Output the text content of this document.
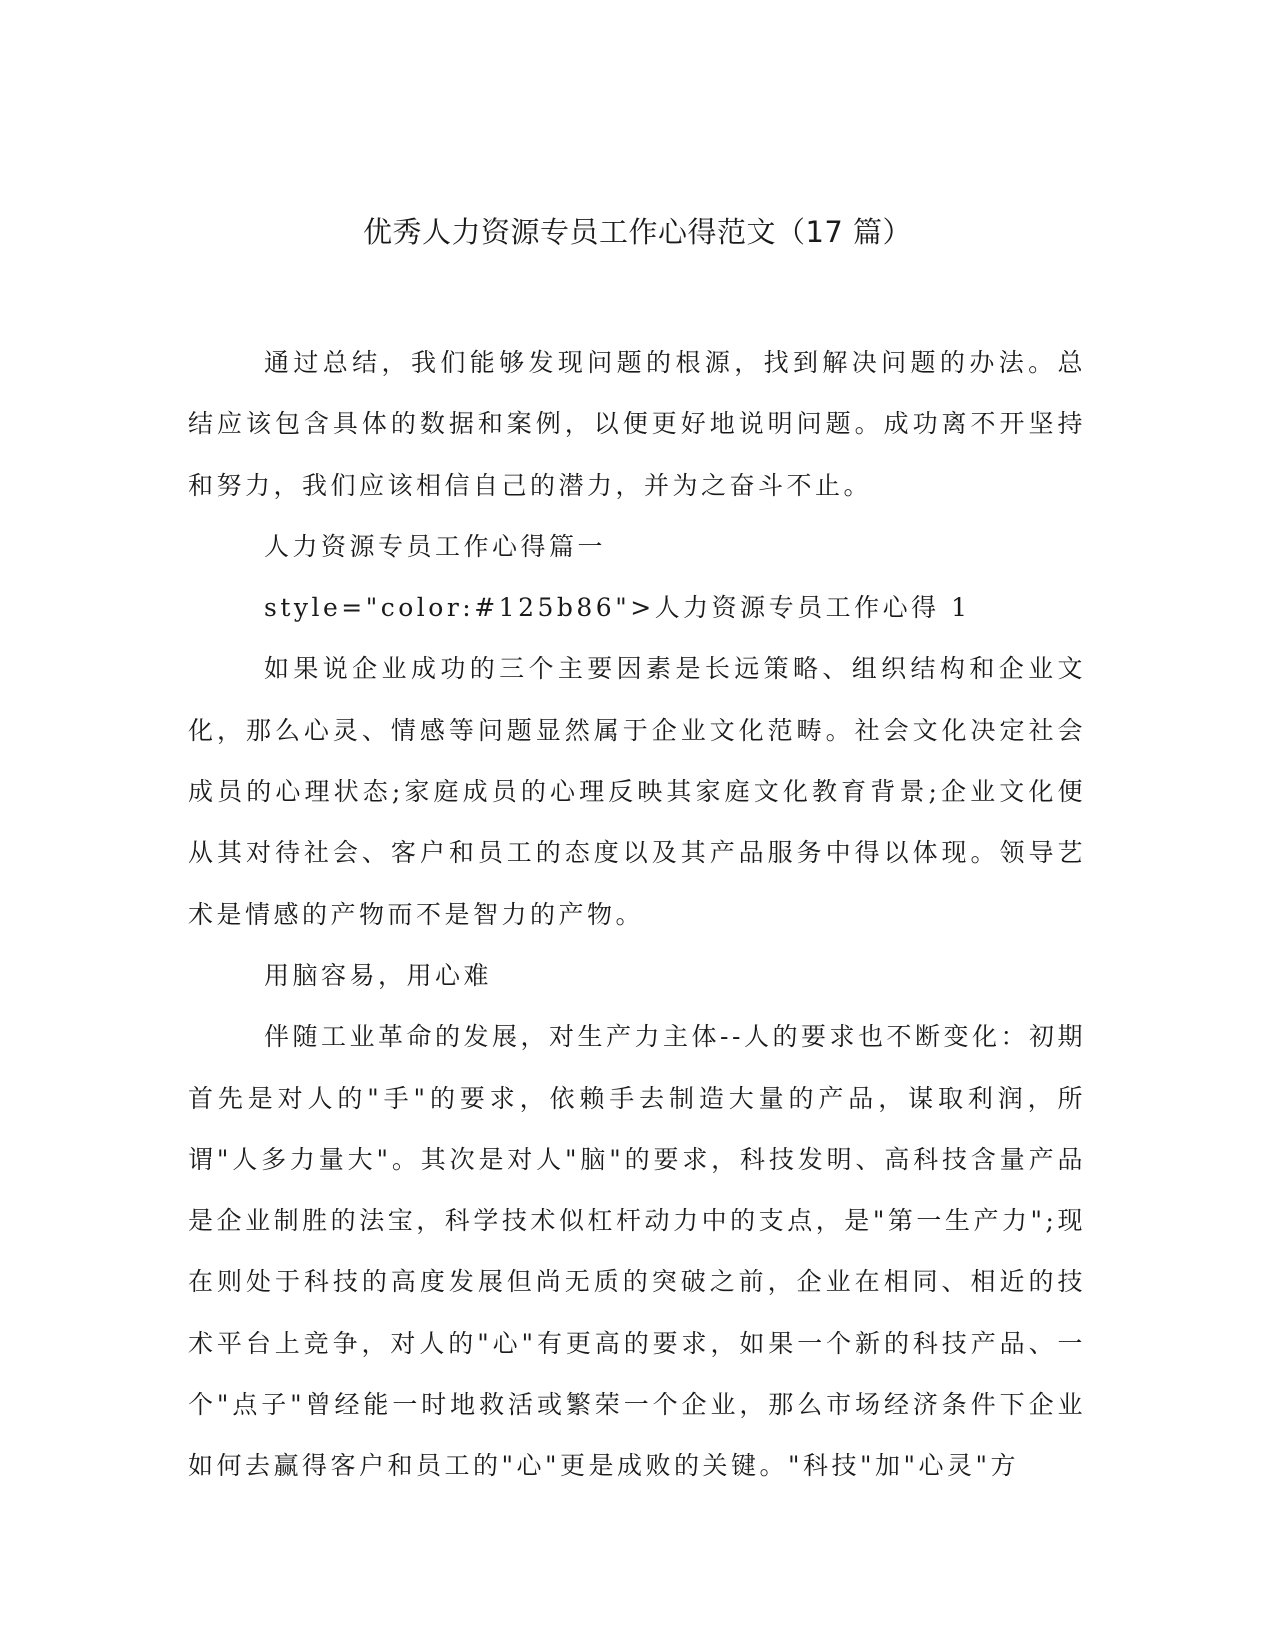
优秀人力资源专员工作心得范文（17 篇）

通过总结，我们能够发现问题的根源，找到解决问题的办法。总结应该包含具体的数据和案例，以便更好地说明问题。成功离不开坚持和努力，我们应该相信自己的潜力，并为之奋斗不止。

人力资源专员工作心得篇一

style="color:#125b86">人力资源专员工作心得 1

如果说企业成功的三个主要因素是长远策略、组织结构和企业文化，那么心灵、情感等问题显然属于企业文化范畴。社会文化决定社会成员的心理状态;家庭成员的心理反映其家庭文化教育背景;企业文化便从其对待社会、客户和员工的态度以及其产品服务中得以体现。领导艺术是情感的产物而不是智力的产物。

用脑容易，用心难

伴随工业革命的发展，对生产力主体--人的要求也不断变化：初期首先是对人的"手"的要求，依赖手去制造大量的产品，谋取利润，所谓"人多力量大"。其次是对人"脑"的要求，科技发明、高科技含量产品是企业制胜的法宝，科学技术似杠杆动力中的支点，是"第一生产力";现在则处于科技的高度发展但尚无质的突破之前，企业在相同、相近的技术平台上竞争，对人的"心"有更高的要求，如果一个新的科技产品、一个"点子"曾经能一时地救活或繁荣一个企业，那么市场经济条件下企业如何去赢得客户和员工的"心"更是成败的关键。"科技"加"心灵"方
